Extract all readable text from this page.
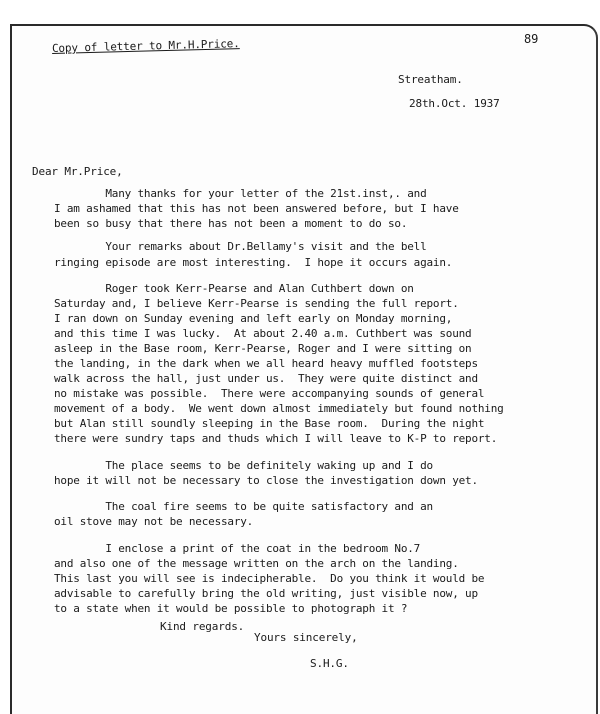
Copy of letter to Mr.H.Price.	89
Streatham.
28th.Oct. 1937
Dear Mr.Price,
Many thanks for your letter of the 21st.inst,. and
I am ashamed that this has not been answered before, but I have
been so busy that there has not been a moment to do so.
Your remarks about Dr.Bellamy's visit and the bell
ringing episode are most interesting.  I hope it occurs again.
Roger took Kerr-Pearse and Alan Cuthbert down on
Saturday and, I believe Kerr-Pearse is sending the full report.
I ran down on Sunday evening and left early on Monday morning,
and this time I was lucky.  At about 2.40 a.m. Cuthbert was sound
asleep in the Base room, Kerr-Pearse, Roger and I were sitting on
the landing, in the dark when we all heard heavy muffled footsteps
walk across the hall, just under us.  They were quite distinct and
no mistake was possible.  There were accompanying sounds of general
movement of a body.  We went down almost immediately but found nothing
but Alan still soundly sleeping in the Base room.  During the night
there were sundry taps and thuds which I will leave to K-P to report.
The place seems to be definitely waking up and I do
hope it will not be necessary to close the investigation down yet.
The coal fire seems to be quite satisfactory and an
oil stove may not be necessary.
I enclose a print of the coat in the bedroom No.7
and also one of the message written on the arch on the landing.
This last you will see is indecipherable.  Do you think it would be
advisable to carefully bring the old writing, just visible now, up
to a state when it would be possible to photograph it ?
Kind regards.
Yours sincerely,
S.H.G.
